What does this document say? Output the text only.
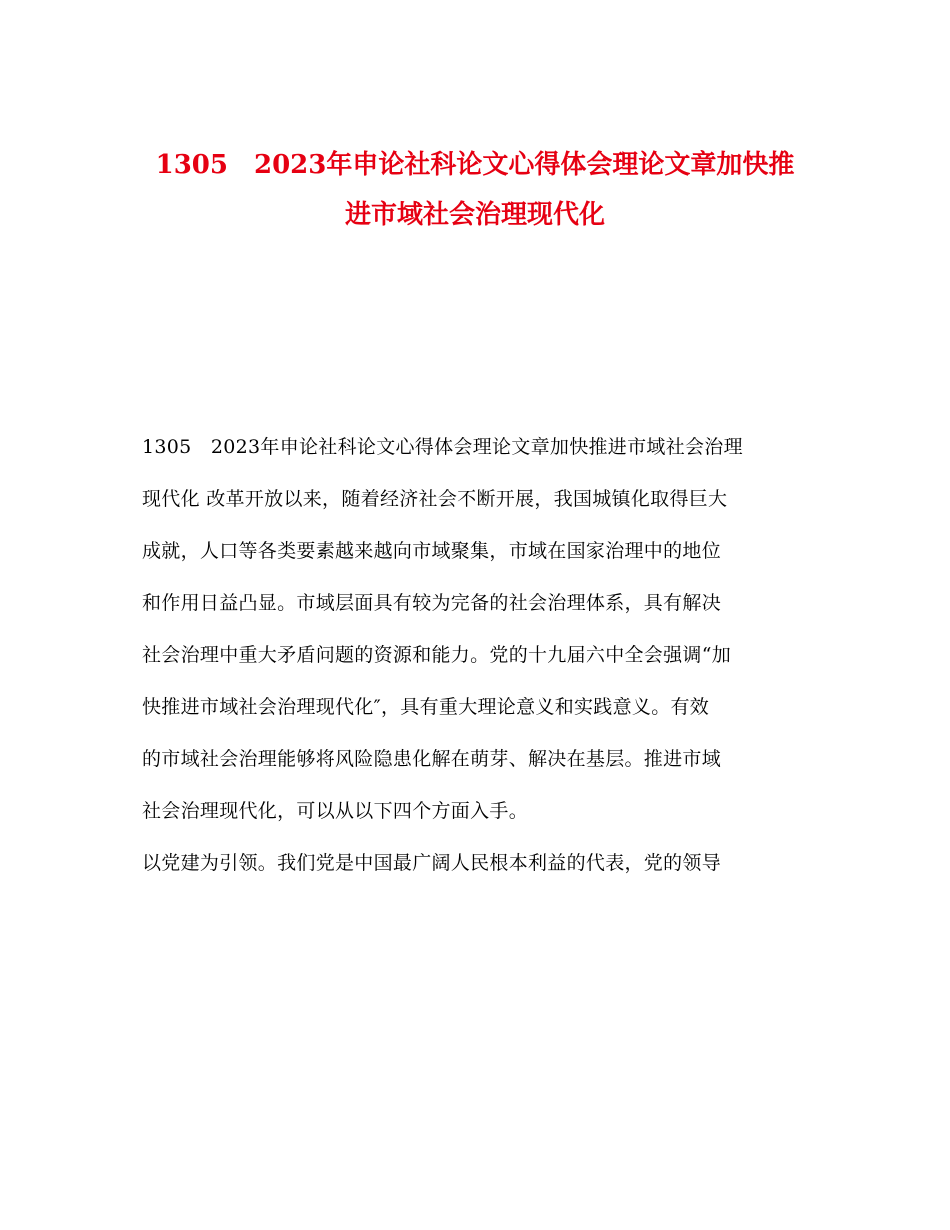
1305　2023年申论社科论文心得体会理论文章加快推
进市域社会治理现代化
1305　2023年申论社科论文心得体会理论文章加快推进市域社会治理
现代化 改革开放以来，随着经济社会不断开展，我国城镇化取得巨大
成就，人口等各类要素越来越向市域聚集，市域在国家治理中的地位
和作用日益凸显。市域层面具有较为完备的社会治理体系，具有解决
社会治理中重大矛盾问题的资源和能力。党的十九届六中全会强调“加
快推进市域社会治理现代化″，具有重大理论意义和实践意义。有效
的市域社会治理能够将风险隐患化解在萌芽、解决在基层。推进市域
社会治理现代化，可以从以下四个方面入手。
以党建为引领。我们党是中国最广阔人民根本利益的代表，党的领导
